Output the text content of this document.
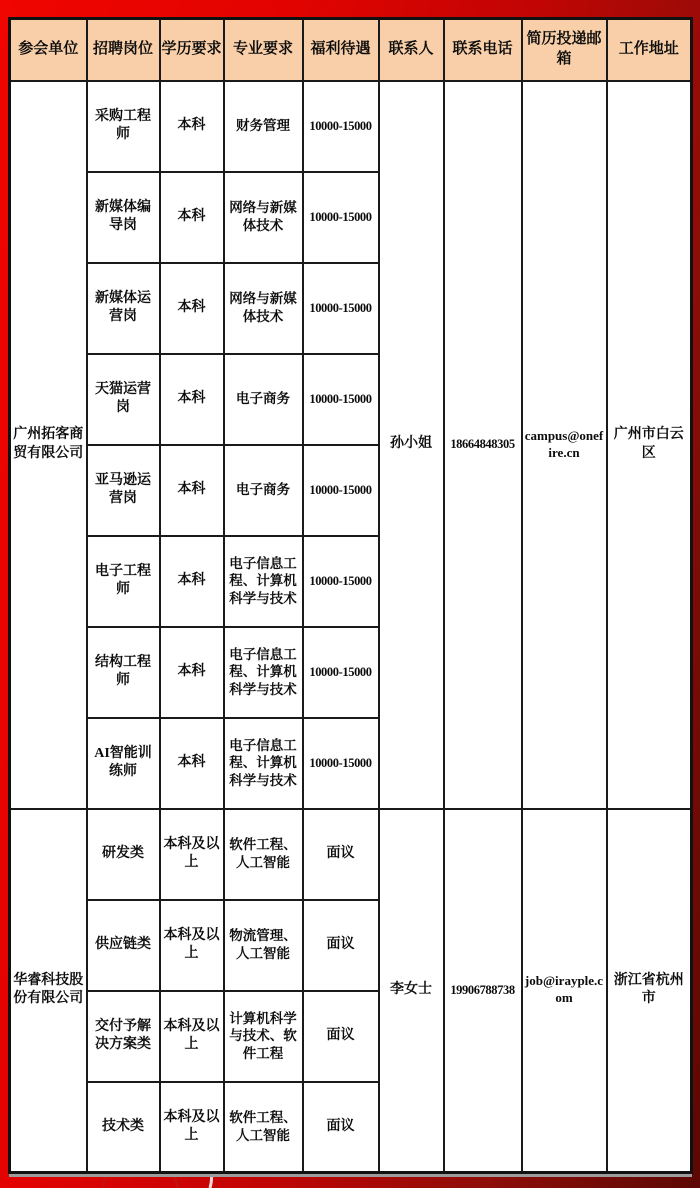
参会单位	招聘岗位	学历要求	专业要求	福利待遇	联系人	联系电话	简历投递邮箱	工作地址
广州拓客商贸有限公司	采购工程师	本科	财务管理	10000-15000	孙小姐	18664848305	campus@onefire.cn	广州市白云区
	新媒体编导岗	本科	网络与新媒体技术	10000-15000				
	新媒体运营岗	本科	网络与新媒体技术	10000-15000				
	天猫运营岗	本科	电子商务	10000-15000				
	亚马逊运营岗	本科	电子商务	10000-15000				
	电子工程师	本科	电子信息工程、计算机科学与技术	10000-15000				
	结构工程师	本科	电子信息工程、计算机科学与技术	10000-15000				
	AI智能训练师	本科	电子信息工程、计算机科学与技术	10000-15000				
华睿科技股份有限公司	研发类	本科及以上	软件工程、人工智能	面议	李女士	19906788738	job@irayple.com	浙江省杭州市
	供应链类	本科及以上	物流管理、人工智能	面议				
	交付予解决方案类	本科及以上	计算机科学与技术、软件工程	面议				
	技术类	本科及以上	软件工程、人工智能	面议				
